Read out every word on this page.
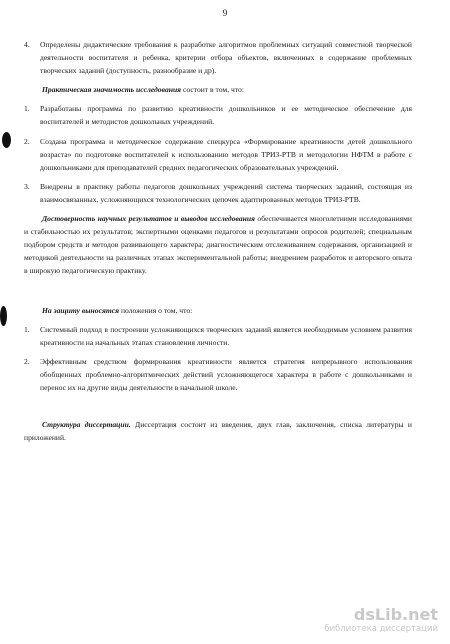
9
4.	Определены дидактические требования к разработке алгоритмов проблемных ситуаций совместной творческой деятельности воспитателя и ребенка, критерии отбора объектов, включенных в содержание проблемных творческих заданий (доступность, разнообразие и др).

Практическая значимость исследования состоит в том, что:

1.	Разработаны программа по развитию креативности дошкольников и ее методическое обеспечение для воспитателей и методистов дошкольных учреждений.
2.	Создана программа и методическое содержание спецкурса «Формирование креативности детей дошкольного возраста» по подготовке воспитателей к использованию методов ТРИЗ-РТВ и методологии НФТМ в работе с дошкольниками для преподавателей средних педагогических образовательных учреждений.
3.	Внедрены в практику работы педагогов дошкольных учреждений система творческих заданий, состоящая из взаимосвязанных, усложняющихся технологических цепочек адаптированных методов ТРИЗ-РТВ.

Достоверность научных результатов и выводов исследования обеспечивается многолетними исследованиями и стабильностью их результатов; экспертными оценками педагогов и результатами опросов родителей; специальным подбором средств и методов развивающего характера; диагностическим отслеживанием содержания, организацией и методикой деятельности на различных этапах экспериментальной работы; внедрением разработок и авторского опыта в широкую педагогическую практику.

На защиту выносятся положения о том, что:

1.	Системный подход в построении усложняющихся творческих заданий является необходимым условием развития креативности на начальных этапах становления личности.
2.	Эффективным средством формирования креативности является стратегия непрерывного использования обобщенных проблемно-алгоритмических действий усложняющегося характера в работе с дошкольниками и перенос их на другие виды деятельности в начальной школе.

Структура диссертации. Диссертация состоит из введения, двух глав, заключения, списка литературы и приложений.

dsLib.net
библиотека диссертаций
